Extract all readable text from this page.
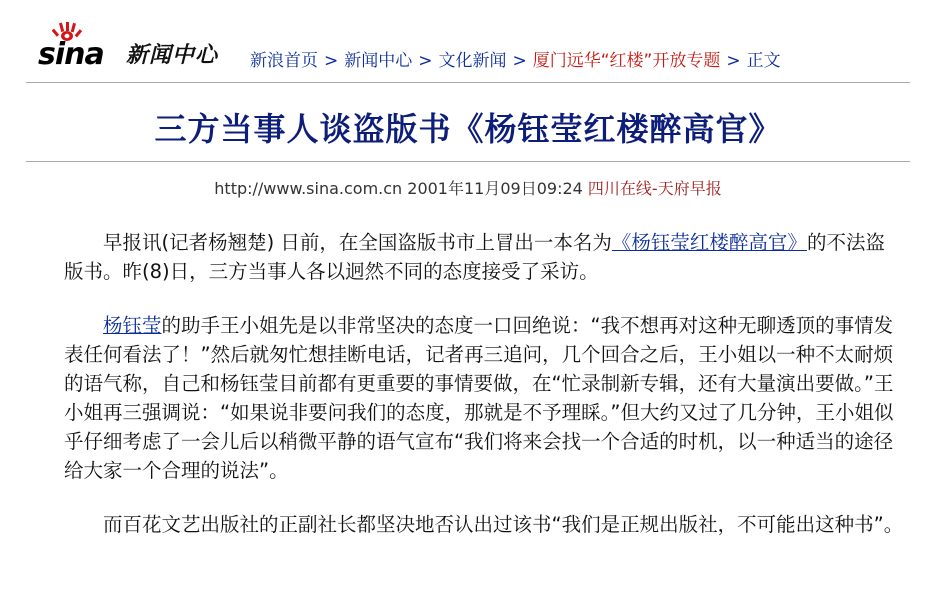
sina 新闻中心 新浪首页 > 新闻中心 > 文化新闻 > 厦门远华“红楼”开放专题 > 正文
三方当事人谈盗版书《杨钰莹红楼醉高官》
http://www.sina.com.cn 2001年11月09日09:24 四川在线-天府早报

早报讯(记者杨翘楚) 日前，在全国盗版书市上冒出一本名为《杨钰莹红楼醉高官》的不法盗版书。昨(8)日，三方当事人各以迥然不同的态度接受了采访。

杨钰莹的助手王小姐先是以非常坚决的态度一口回绝说：“我不想再对这种无聊透顶的事情发表任何看法了！”然后就匆忙想挂断电话，记者再三追问，几个回合之后，王小姐以一种不太耐烦的语气称，自己和杨钰莹目前都有更重要的事情要做，在“忙录制新专辑，还有大量演出要做。”王小姐再三强调说：“如果说非要问我们的态度，那就是不予理睬。”但大约又过了几分钟，王小姐似乎仔细考虑了一会儿后以稍微平静的语气宣布“我们将来会找一个合适的时机，以一种适当的途径给大家一个合理的说法”。

而百花文艺出版社的正副社长都坚决地否认出过该书“我们是正规出版社，不可能出这种书”。
